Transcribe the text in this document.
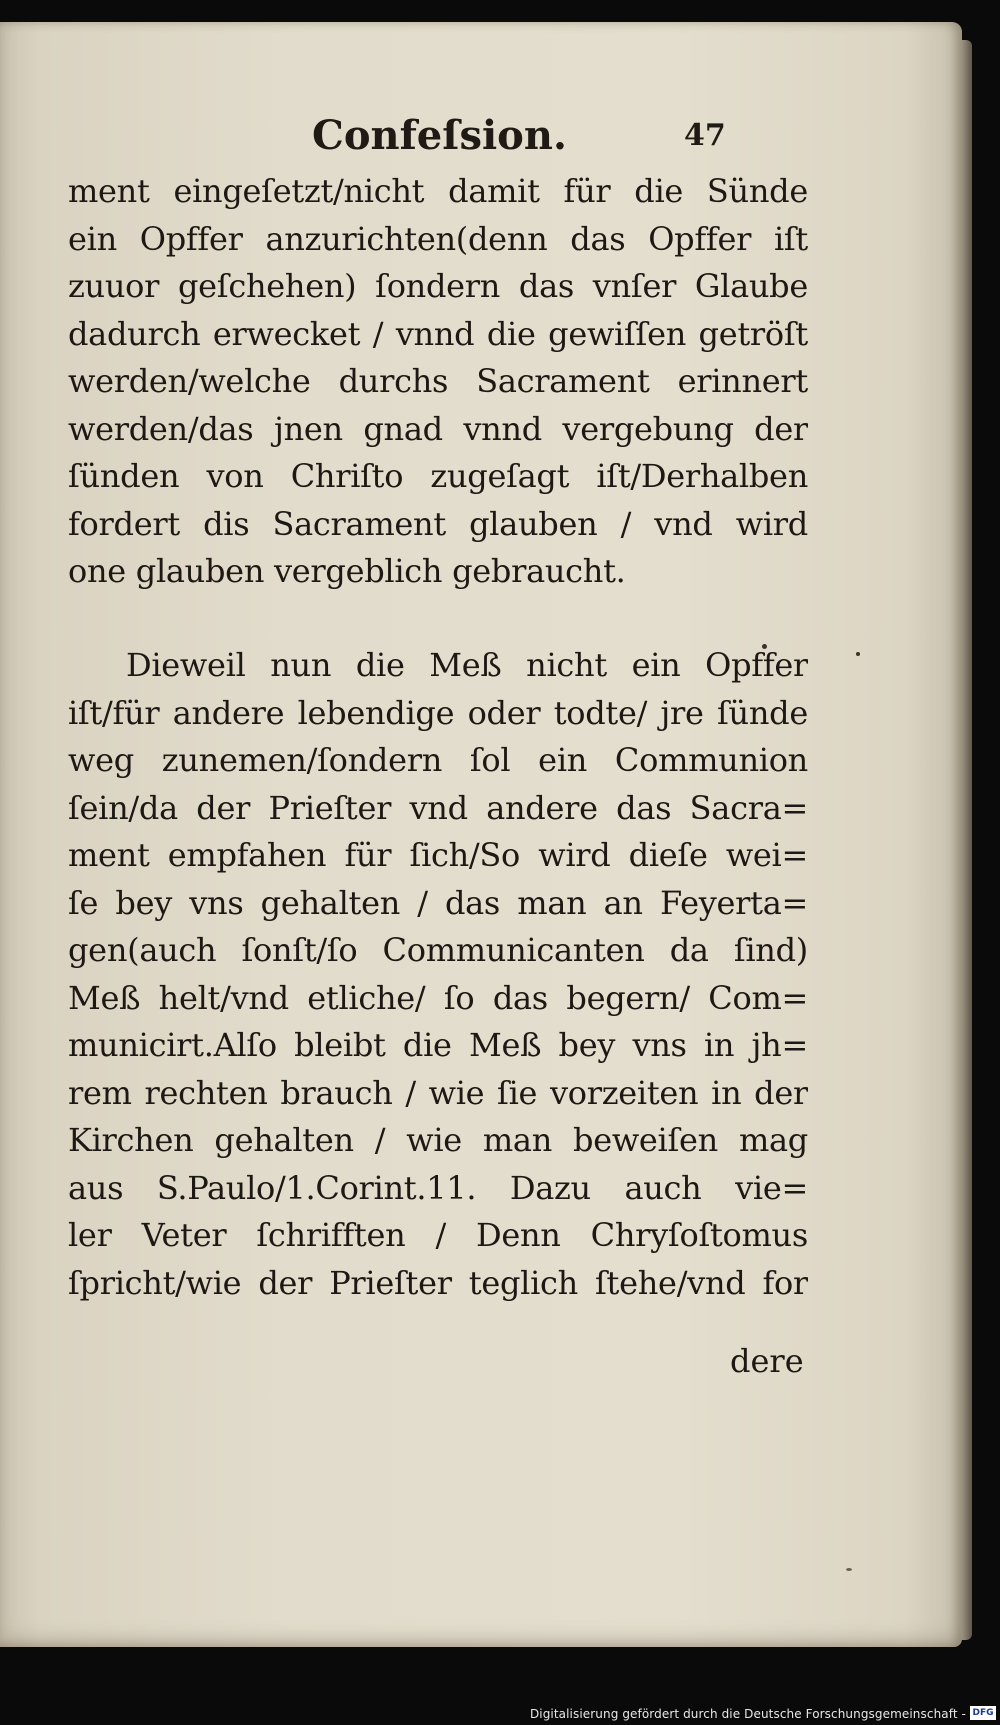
Confeſsion.	47
ment eingeſetzt/nicht damit für die Sünde
ein Opffer anzurichten(denn das Opffer iſt
zuuor geſchehen) ſondern das vnſer Glaube
dadurch erwecket / vnnd die gewiſſen getröſt
werden/welche durchs Sacrament erinnert
werden/das jnen gnad vnnd vergebung der
ſünden von Chriſto zugeſagt iſt/Derhalben
fordert dis Sacrament glauben / vnd wird
one glauben vergeblich gebraucht.
Dieweil nun die Meß nicht ein Opffer
iſt/für andere lebendige oder todte/ jre ſünde
weg zunemen/ſondern ſol ein Communion
ſein/da der Prieſter vnd andere das Sacra=
ment empfahen für ſich/So wird dieſe wei=
ſe bey vns gehalten / das man an Feyerta=
gen(auch ſonſt/ſo Communicanten da ſind)
Meß helt/vnd etliche/ ſo das begern/ Com=
municirt.Alſo bleibt die Meß bey vns in jh=
rem rechten brauch / wie ſie vorzeiten in der
Kirchen gehalten / wie man beweiſen mag
aus S.Paulo/1.Corint.11. Dazu auch vie=
ler Veter ſchrifften / Denn Chryſoſtomus
ſpricht/wie der Prieſter teglich ſtehe/vnd for
dere
Digitalisierung gefördert durch die Deutsche Forschungsgemeinschaft - DFG
